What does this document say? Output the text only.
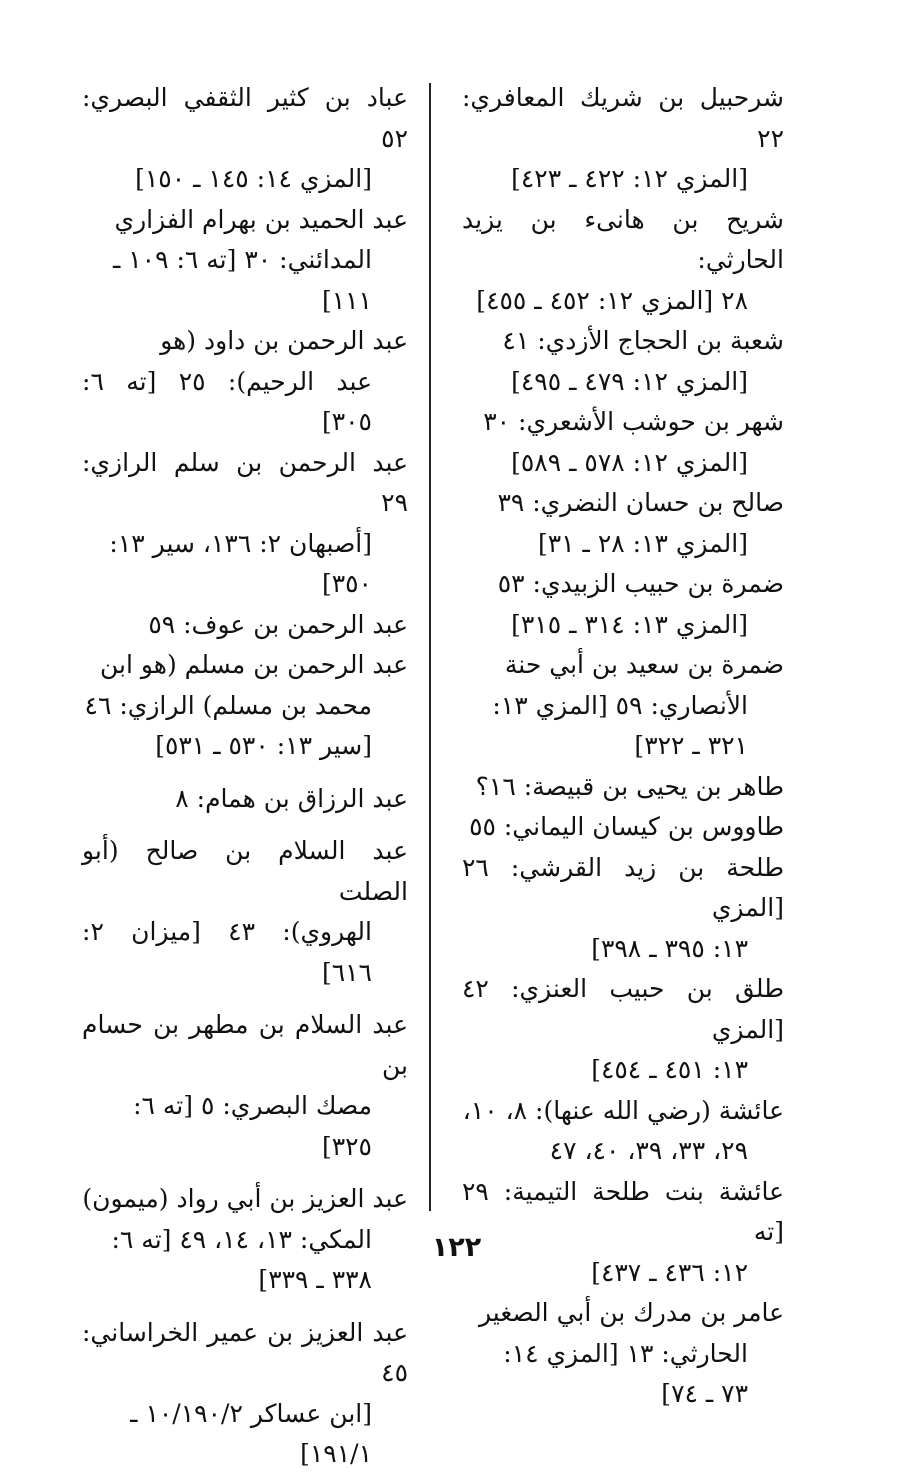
شرحبيل بن شريك المعافري: ٢٢
[المزي ١٢: ٤٢٢ ـ ٤٢٣]
شريح بن هانىء بن يزيد الحارثي:
٢٨ [المزي ١٢: ٤٥٢ ـ ٤٥٥]
شعبة بن الحجاج الأزدي: ٤١
[المزي ١٢: ٤٧٩ ـ ٤٩٥]
شهر بن حوشب الأشعري: ٣٠
[المزي ١٢: ٥٧٨ ـ ٥٨٩]
صالح بن حسان النضري: ٣٩
[المزي ١٣: ٢٨ ـ ٣١]
ضمرة بن حبيب الزبيدي: ٥٣
[المزي ١٣: ٣١٤ ـ ٣١٥]
ضمرة بن سعيد بن أبي حنة
الأنصاري: ٥٩ [المزي ١٣:
٣٢١ ـ ٣٢٢]
طاهر بن يحيى بن قبيصة: ١٦؟
طاووس بن كيسان اليماني: ٥٥
طلحة بن زيد القرشي: ٢٦ [المزي
١٣: ٣٩٥ ـ ٣٩٨]
طلق بن حبيب العنزي: ٤٢ [المزي
١٣: ٤٥١ ـ ٤٥٤]
عائشة (رضي الله عنها): ٨، ١٠،
٢٩، ٣٣، ٣٩، ٤٠، ٤٧
عائشة بنت طلحة التيمية: ٢٩ [ته
١٢: ٤٣٦ ـ ٤٣٧]
عامر بن مدرك بن أبي الصغير
الحارثي: ١٣ [المزي ١٤:
٧٣ ـ ٧٤]
عباد بن كثير الثقفي البصري: ٥٢
[المزي ١٤: ١٤٥ ـ ١٥٠]
عبد الحميد بن بهرام الفزاري
المدائني: ٣٠ [ته ٦: ١٠٩ ـ
١١١]
عبد الرحمن بن داود (هو
عبد الرحيم): ٢٥ [ته ٦: ٣٠٥]
عبد الرحمن بن سلم الرازي: ٢٩
[أصبهان ٢: ١٣٦، سير ١٣:
٣٥٠]
عبد الرحمن بن عوف: ٥٩
عبد الرحمن بن مسلم (هو ابن
محمد بن مسلم) الرازي: ٤٦
[سير ١٣: ٥٣٠ ـ ٥٣١]
عبد الرزاق بن همام: ٨
عبد السلام بن صالح (أبو الصلت
الهروي): ٤٣ [ميزان ٢: ٦١٦]
عبد السلام بن مطهر بن حسام بن
مصك البصري: ٥ [ته ٦:
٣٢٥]
عبد العزيز بن أبي رواد (ميمون)
المكي: ١٣، ١٤، ٤٩ [ته ٦:
٣٣٨ ـ ٣٣٩]
عبد العزيز بن عمير الخراساني: ٤٥
[ابن عساكر ١٠/١٩٠/٢ ـ
١٩١/١]
١٢٢
